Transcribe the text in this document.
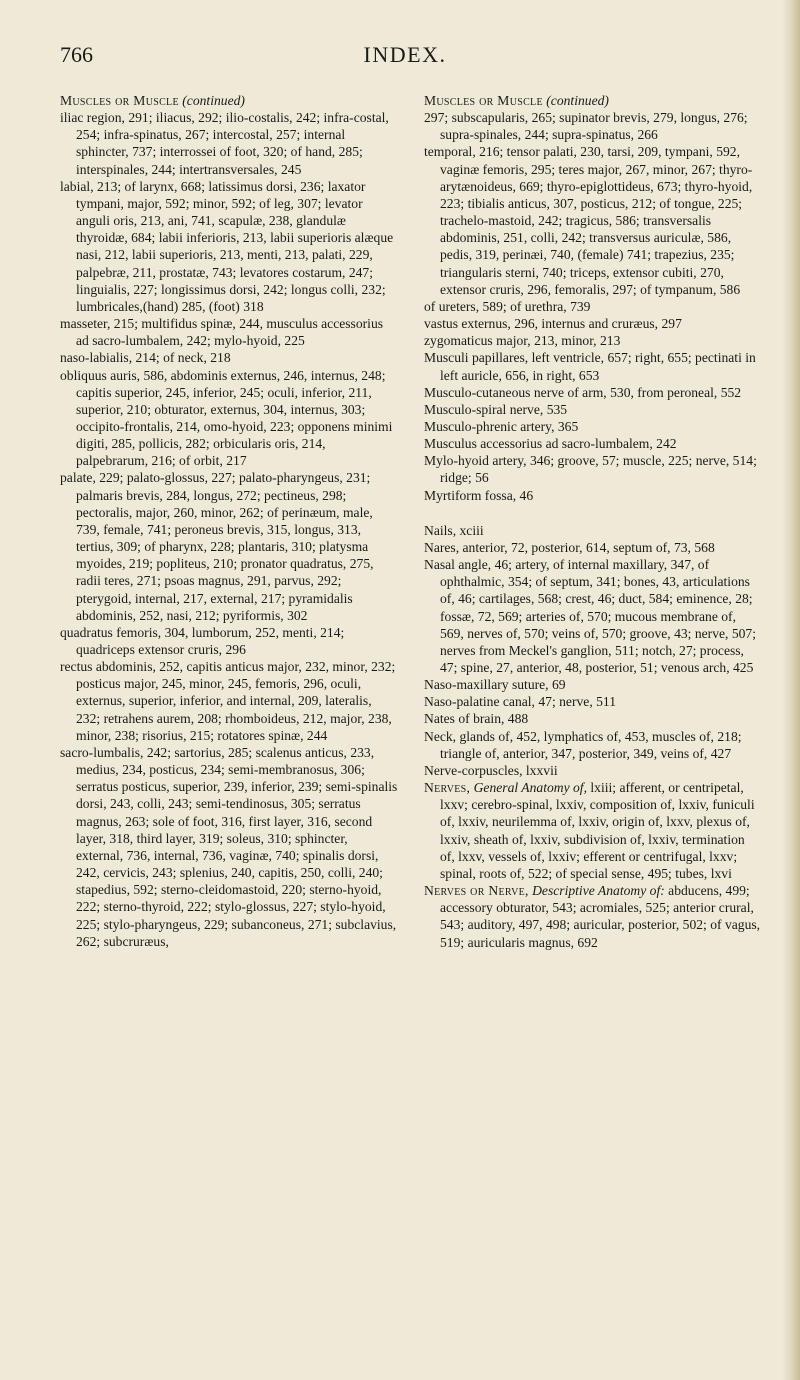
766	INDEX.

Muscles or Muscle (continued)

iliac region, 291; iliacus, 292; ilio-costalis, 242; infra-costal, 254; infra-spinatus, 267; intercostal, 257; internal sphincter, 737; interrossei of foot, 320; of hand, 285; interspinales, 244; intertransversales, 245

labial, 213; of larynx, 668; latissimus dorsi, 236; laxator tympani, major, 592; minor, 592; of leg, 307; levator anguli oris, 213, ani, 741, scapulæ, 238, glandulæ thyroidæ, 684; labii inferioris, 213, labii superioris alæque nasi, 212, labii superioris, 213, menti, 213, palati, 229, palpebræ, 211, prostatæ, 743; levatores costarum, 247; linguialis, 227; longissimus dorsi, 242; longus colli, 232; lumbricales,(hand) 285, (foot) 318

masseter, 215; multifidus spinæ, 244, musculus accessorius ad sacro-lumbalem, 242; mylo-hyoid, 225

naso-labialis, 214; of neck, 218

obliquus auris, 586, abdominis externus, 246, internus, 248; capitis superior, 245, inferior, 245; oculi, inferior, 211, superior, 210; obturator, externus, 304, internus, 303; occipito-frontalis, 214, omo-hyoid, 223; opponens minimi digiti, 285, pollicis, 282; orbicularis oris, 214, palpebrarum, 216; of orbit, 217

palate, 229; palato-glossus, 227; palato-pharyngeus, 231; palmaris brevis, 284, longus, 272; pectineus, 298; pectoralis, major, 260, minor, 262; of perinæum, male, 739, female, 741; peroneus brevis, 315, longus, 313, tertius, 309; of pharynx, 228; plantaris, 310; platysma myoides, 219; popliteus, 210; pronator quadratus, 275, radii teres, 271; psoas magnus, 291, parvus, 292; pterygoid, internal, 217, external, 217; pyramidalis abdominis, 252, nasi, 212; pyriformis, 302

quadratus femoris, 304, lumborum, 252, menti, 214; quadriceps extensor cruris, 296

rectus abdominis, 252, capitis anticus major, 232, minor, 232; posticus major, 245, minor, 245, femoris, 296, oculi, externus, superior, inferior, and internal, 209, lateralis, 232; retrahens aurem, 208; rhomboideus, 212, major, 238, minor, 238; risorius, 215; rotatores spinæ, 244

sacro-lumbalis, 242; sartorius, 285; scalenus anticus, 233, medius, 234, posticus, 234; semi-membranosus, 306; serratus posticus, superior, 239, inferior, 239; semi-spinalis dorsi, 243, colli, 243; semi-tendinosus, 305; serratus magnus, 263; sole of foot, 316, first layer, 316, second layer, 318, third layer, 319; soleus, 310; sphincter, external, 736, internal, 736, vaginæ, 740; spinalis dorsi, 242, cervicis, 243; splenius, 240, capitis, 250, colli, 240; stapedius, 592; sterno-cleidomastoid, 220; sterno-hyoid, 222; sterno-thyroid, 222; stylo-glossus, 227; stylo-hyoid, 225; stylo-pharyngeus, 229; subanconeus, 271; subclavius, 262; subcruræus,

Muscles or Muscle (continued)

297; subscapularis, 265; supinator brevis, 279, longus, 276; supra-spinales, 244; supra-spinatus, 266

temporal, 216; tensor palati, 230, tarsi, 209, tympani, 592, vaginæ femoris, 295; teres major, 267, minor, 267; thyro-arytænoideus, 669; thyro-epiglottideus, 673; thyro-hyoid, 223; tibialis anticus, 307, posticus, 212; of tongue, 225; trachelo-mastoid, 242; tragicus, 586; transversalis abdominis, 251, colli, 242; transversus auriculæ, 586, pedis, 319, perinæi, 740, (female) 741; trapezius, 235; triangularis sterni, 740; triceps, extensor cubiti, 270, extensor cruris, 296, femoralis, 297; of tympanum, 586

of ureters, 589; of urethra, 739

vastus externus, 296, internus and cruræus, 297

zygomaticus major, 213, minor, 213

Musculi papillares, left ventricle, 657; right, 655; pectinati in left auricle, 656, in right, 653

Musculo-cutaneous nerve of arm, 530, from peroneal, 552

Musculo-spiral nerve, 535

Musculo-phrenic artery, 365

Musculus accessorius ad sacro-lumbalem, 242

Mylo-hyoid artery, 346; groove, 57; muscle, 225; nerve, 514; ridge; 56

Myrtiform fossa, 46

Nails, xciii

Nares, anterior, 72, posterior, 614, septum of, 73, 568

Nasal angle, 46; artery, of internal maxillary, 347, of ophthalmic, 354; of septum, 341; bones, 43, articulations of, 46; cartilages, 568; crest, 46; duct, 584; eminence, 28; fossæ, 72, 569; arteries of, 570; mucous membrane of, 569, nerves of, 570; veins of, 570; groove, 43; nerve, 507; nerves from Meckel's ganglion, 511; notch, 27; process, 47; spine, 27, anterior, 48, posterior, 51; venous arch, 425

Naso-maxillary suture, 69

Naso-palatine canal, 47; nerve, 511

Nates of brain, 488

Neck, glands of, 452, lymphatics of, 453, muscles of, 218; triangle of, anterior, 347, posterior, 349, veins of, 427

Nerve-corpuscles, lxxvii

Nerves, General Anatomy of, lxiii; afferent, or centripetal, lxxv; cerebro-spinal, lxxiv, composition of, lxxiv, funiculi of, lxxiv, neurilemma of, lxxiv, origin of, lxxv, plexus of, lxxiv, sheath of, lxxiv, subdivision of, lxxiv, termination of, lxxv, vessels of, lxxiv; efferent or centrifugal, lxxv; spinal, roots of, 522; of special sense, 495; tubes, lxvi

Nerves or Nerve, Descriptive Anatomy of: abducens, 499; accessory obturator, 543; acromiales, 525; anterior crural, 543; auditory, 497, 498; auricular, posterior, 502; of vagus, 519; auricularis magnus, 692
